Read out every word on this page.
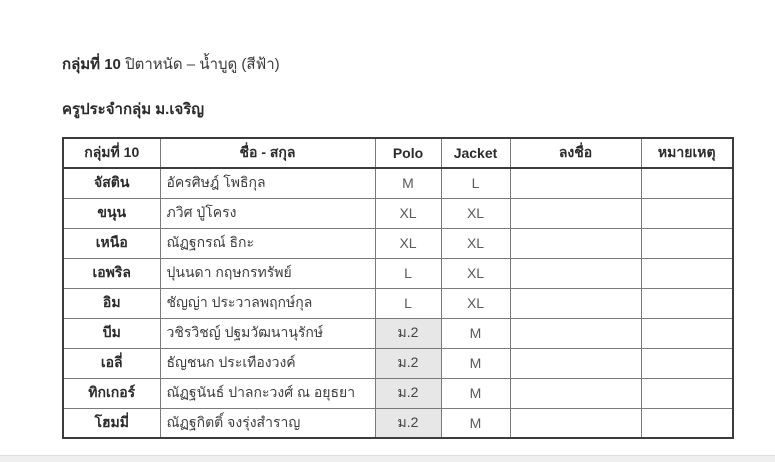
กลุ่มที่ 10 ปิตาหนัด – น้ำบูดู (สีฟ้า)
ครูประจำกลุ่ม ม.เจริญ
กลุ่มที่ 10	ชื่อ - สกุล	Polo	Jacket	ลงชื่อ	หมายเหตุ
จัสติน	อัครศิษฎ์ โพธิกุล	M	L		
ขนุน	ภวิศ ปู่โครง	XL	XL		
เหนือ	ณัฏฐกรณ์ ธิกะ	XL	XL		
เอพริล	ปุนนดา กฤษกรทรัพย์	L	XL		
อิม	ชัญญ่า ประวาลพฤกษ์กุล	L	XL		
บีม	วชิรวิชญ์ ปฐมวัฒนานุรักษ์	ม.2	M		
เอลี่	ธัญชนก ประเทืองวงค์	ม.2	M		
ทิกเกอร์	ณัฏฐนันธ์ ปาลกะวงศ์ ณ อยุธยา	ม.2	M		
โฮมมี่	ณัฏฐกิตติ์ จงรุ่งสำราญ	ม.2	M		
